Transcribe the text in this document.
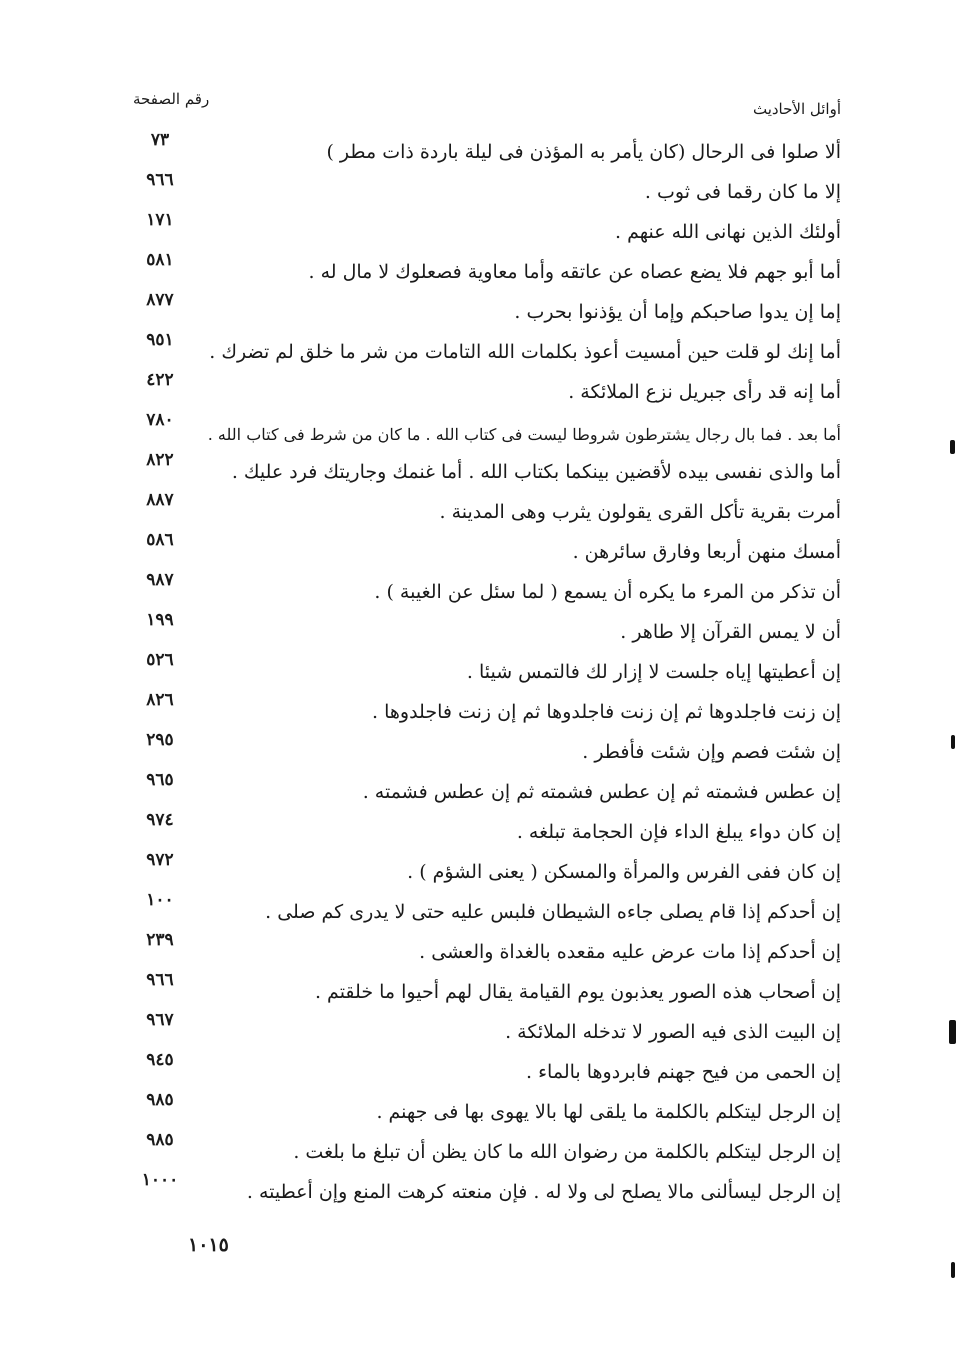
أوائل الأحاديث
رقم الصفحة
ألا صلوا فى الرحال (كان يأمر به المؤذن فى ليلة باردة ذات مطر )
٧٣
إلا ما كان رقما فى ثوب .
٩٦٦
أولئك الذين نهانى الله عنهم .
١٧١
أما أبو جهم فلا يضع عصاه عن عاتقه وأما معاوية فصعلوك لا مال له .
٥٨١
إما إن يدوا صاحبكم وإما أن يؤذنوا بحرب .
٨٧٧
أما إنك لو قلت حين أمسيت أعوذ بكلمات الله التامات من شر ما خلق لم تضرك .
٩٥١
أما إنه قد رأى جبريل نزع الملائكة .
٤٢٢
أما بعد . فما بال رجال يشترطون شروطا ليست فى كتاب الله . ما كان من شرط فى كتاب الله .
٧٨٠
أما والذى نفسى بيده لأقضين بينكما بكتاب الله . أما غنمك وجاريتك فرد عليك .
٨٢٢
أمرت بقرية تأكل القرى يقولون يثرب وهى المدينة .
٨٨٧
أمسك منهن أربعا وفارق سائرهن .
٥٨٦
أن تذكر من المرء ما يكره أن يسمع ( لما سئل عن الغيبة ) .
٩٨٧
أن لا يمس القرآن إلا طاهر .
١٩٩
إن أعطيتها إياه جلست لا إزار لك فالتمس شيئا .
٥٢٦
إن زنت فاجلدوها ثم إن زنت فاجلدوها ثم إن زنت فاجلدوها .
٨٢٦
إن شئت فصم وإن شئت فأفطر .
٢٩٥
إن عطس فشمته ثم إن عطس فشمته ثم إن عطس فشمته .
٩٦٥
إن كان دواء يبلغ الداء فإن الحجامة تبلغه .
٩٧٤
إن كان ففى الفرس والمرأة والمسكن ( يعنى الشؤم ) .
٩٧٢
إن أحدكم إذا قام يصلى جاءه الشيطان فلبس عليه حتى لا يدرى كم صلى .
١٠٠
إن أحدكم إذا مات عرض عليه مقعده بالغداة والعشى .
٢٣٩
إن أصحاب هذه الصور يعذبون يوم القيامة يقال لهم أحيوا ما خلقتم .
٩٦٦
إن البيت الذى فيه الصور لا تدخله الملائكة .
٩٦٧
إن الحمى من فيح جهنم فابردوها بالماء .
٩٤٥
إن الرجل ليتكلم بالكلمة ما يلقى لها بالا يهوى بها فى جهنم .
٩٨٥
إن الرجل ليتكلم بالكلمة من رضوان الله ما كان يظن أن تبلغ ما بلغت .
٩٨٥
إن الرجل ليسألنى مالا يصلح لى ولا له . فإن منعته كرهت المنع وإن أعطيته .
١٠٠٠
١٠١٥
